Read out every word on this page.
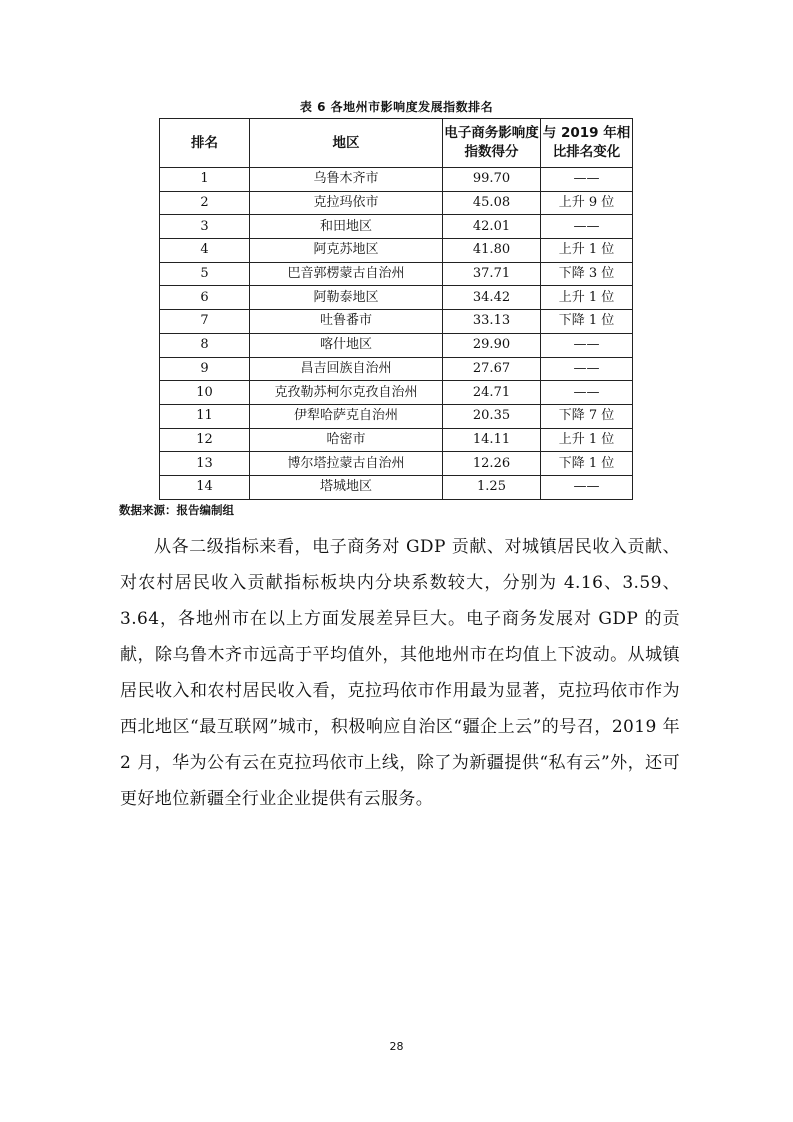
表 6 各地州市影响度发展指数排名
排名	地区	电子商务影响度指数得分	与 2019 年相比排名变化
1	乌鲁木齐市	99.70	——
2	克拉玛依市	45.08	上升 9 位
3	和田地区	42.01	——
4	阿克苏地区	41.80	上升 1 位
5	巴音郭楞蒙古自治州	37.71	下降 3 位
6	阿勒泰地区	34.42	上升 1 位
7	吐鲁番市	33.13	下降 1 位
8	喀什地区	29.90	——
9	昌吉回族自治州	27.67	——
10	克孜勒苏柯尔克孜自治州	24.71	——
11	伊犁哈萨克自治州	20.35	下降 7 位
12	哈密市	14.11	上升 1 位
13	博尔塔拉蒙古自治州	12.26	下降 1 位
14	塔城地区	1.25	——
数据来源：报告编制组

从各二级指标来看，电子商务对 GDP 贡献、对城镇居民收入贡献、对农村居民收入贡献指标板块内分块系数较大，分别为 4.16、3.59、3.64，各地州市在以上方面发展差异巨大。电子商务发展对 GDP 的贡献，除乌鲁木齐市远高于平均值外，其他地州市在均值上下波动。从城镇居民收入和农村居民收入看，克拉玛依市作用最为显著，克拉玛依市作为西北地区“最互联网”城市，积极响应自治区“疆企上云”的号召，2019 年 2 月，华为公有云在克拉玛依市上线，除了为新疆提供“私有云”外，还可更好地位新疆全行业企业提供有云服务。

28
